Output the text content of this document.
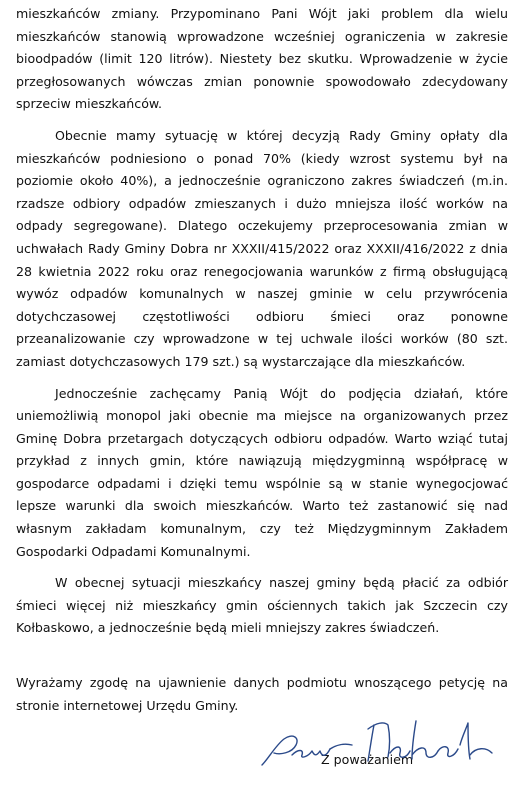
mieszkańców zmiany. Przypominano Pani Wójt jaki problem dla wielu mieszkańców stanowią wprowadzone wcześniej ograniczenia w zakresie bioodpadów (limit 120 litrów). Niestety bez skutku. Wprowadzenie w życie przegłosowanych wówczas zmian ponownie spowodowało zdecydowany sprzeciw mieszkańców.

Obecnie mamy sytuację w której decyzją Rady Gminy opłaty dla mieszkańców podniesiono o ponad 70% (kiedy wzrost systemu był na poziomie około 40%), a jednocześnie ograniczono zakres świadczeń (m.in. rzadsze odbiory odpadów zmieszanych i dużo mniejsza ilość worków na odpady segregowane). Dlatego oczekujemy przeprocesowania zmian w uchwałach Rady Gminy Dobra nr XXXII/415/2022 oraz XXXII/416/2022 z dnia 28 kwietnia 2022 roku oraz renegocjowania warunków z firmą obsługującą wywóz odpadów komunalnych w naszej gminie w celu przywrócenia dotychczasowej częstotliwości odbioru śmieci oraz ponowne przeanalizowanie czy wprowadzone w tej uchwale ilości worków (80 szt. zamiast dotychczasowych 179 szt.) są wystarczające dla mieszkańców.

Jednocześnie zachęcamy Panią Wójt do podjęcia działań, które uniemożliwią monopol jaki obecnie ma miejsce na organizowanych przez Gminę Dobra przetargach dotyczących odbioru odpadów. Warto wziąć tutaj przykład z innych gmin, które nawiązują międzygminną współpracę w gospodarce odpadami i dzięki temu wspólnie są w stanie wynegocjować lepsze warunki dla swoich mieszkańców. Warto też zastanowić się nad własnym zakładam komunalnym, czy też Międzygminnym Zakładem Gospodarki Odpadami Komunalnymi.

W obecnej sytuacji mieszkańcy naszej gminy będą płacić za odbiór śmieci więcej niż mieszkańcy gmin ościennych takich jak Szczecin czy Kołbaskowo, a jednocześnie będą mieli mniejszy zakres świadczeń.

Wyrażamy zgodę na ujawnienie danych podmiotu wnoszącego petycję na stronie internetowej Urzędu Gminy.

Z poważaniem
